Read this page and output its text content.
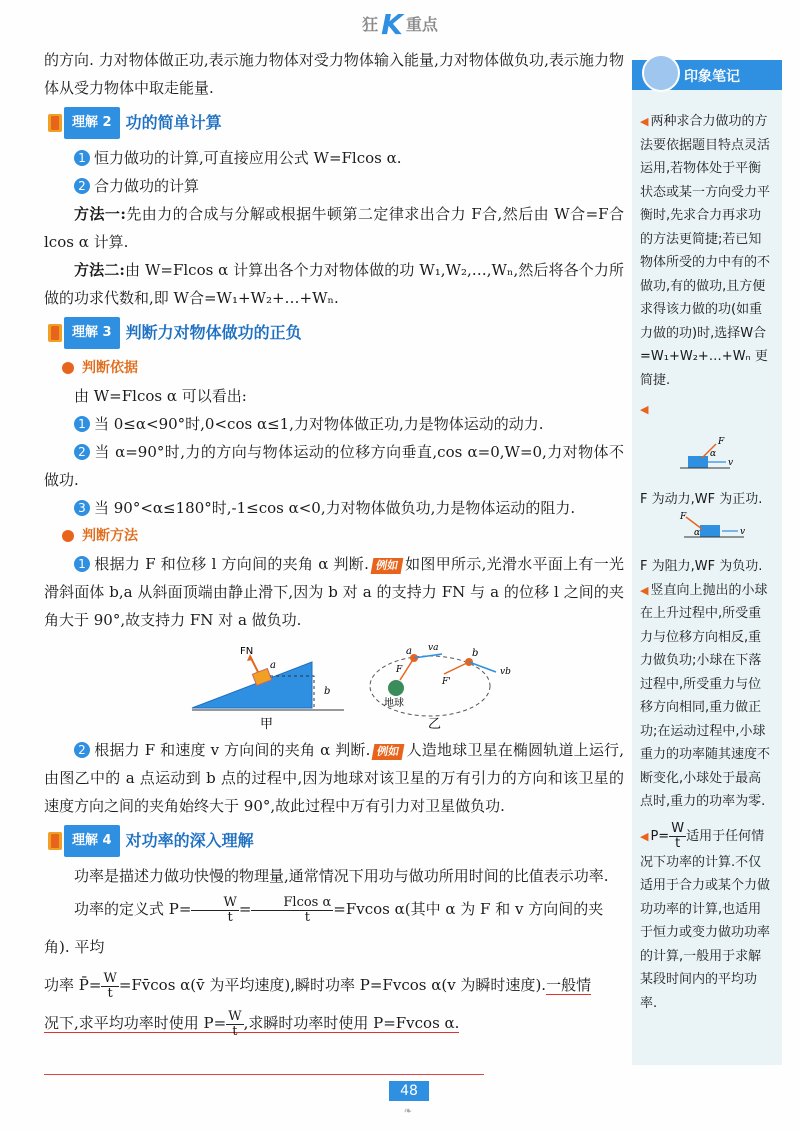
狂 K 重点

的方向. 力对物体做正功,表示施力物体对受力物体输入能量,力对物体做负功,表示施力物体从受力物体中取走能量.

理解 2 功的简单计算

1 恒力做功的计算,可直接应用公式 W=Flcos α.

2 合力做功的计算

方法一:先由力的合成与分解或根据牛顿第二定律求出合力 F合,然后由 W合=F合lcos α 计算.

方法二:由 W=Flcos α 计算出各个力对物体做的功 W₁,W₂,…,Wₙ,然后将各个力所做的功求代数和,即 W合=W₁+W₂+…+Wₙ.

理解 3 判断力对物体做功的正负
判断依据

由 W=Flcos α 可以看出:

1 当 0≤α<90°时,0<cos α≤1,力对物体做正功,力是物体运动的动力.

2 当 α=90°时,力的方向与物体运动的位移方向垂直,cos α=0,W=0,力对物体不做功.

3 当 90°<α≤180°时,-1≤cos α<0,力对物体做负功,力是物体运动的阻力.

判断方法

1 根据力 F 和位移 l 方向间的夹角 α 判断. 例如 如图甲所示,光滑水平面上有一光滑斜面体 b,a 从斜面顶端由静止滑下,因为 b 对 a 的支持力 FN 与 a 的位移 l 之间的夹角大于 90°,故支持力 FN 对 a 做负功.

FN
a
b
甲
地球
a	b
va
vb
F
F'
乙

2 根据力 F 和速度 v 方向间的夹角 α 判断. 例如 人造地球卫星在椭圆轨道上运行,由图乙中的 a 点运动到 b 点的过程中,因为地球对该卫星的万有引力的方向和该卫星的速度方向之间的夹角始终大于 90°,故此过程中万有引力对卫星做负功.

理解 4 对功率的深入理解

功率是描述力做功快慢的物理量,通常情况下用功与做功所用时间的比值表示功率.

功率的定义式 $P= \frac{W}{t} = \frac{\text{Flcos α}}{t} =Fvcos$ α(其中 α 为 F 和 v 方向间的夹角). 平均

功率 P̄= $\frac{W}{t}$ =Fv̄cos α(v̄ 为平均速度),瞬时功率 P=Fvcos α(v 为瞬时速度).一般情

况下,求平均功率时使用 $P= \frac{W}{t}$ ,求瞬时功率时使用 P=Fvcos α.

印象笔记

◀ 两种求合力做功的方法要依据题目特点灵活运用,若物体处于平衡状态或某一方向受力平衡时,先求合力再求功的方法更简捷;若已知物体所受的力中有的不做功,有的做功,且方便求得该力做的功(如重力做的功)时,选择W合=W₁+W₂+…+Wₙ 更简捷.

◀

F
α
v

F 为动力,WF 为正功.

F
α	v

F 为阻力,WF 为负功.

◀ 竖直向上抛出的小球在上升过程中,所受重力与位移方向相反,重力做负功;小球在下落过程中,所受重力与位移方向相同,重力做正功;在运动过程中,小球重力的功率随其速度不断变化,小球处于最高点时,重力的功率为零.

◀ $P= \frac{W}{t}$ 适用于任何情况下功率的计算.不仅适用于合力或某个力做功功率的计算,也适用于恒力或变力做功功率的计算,一般用于求解某段时间内的平均功率.

48
❧
